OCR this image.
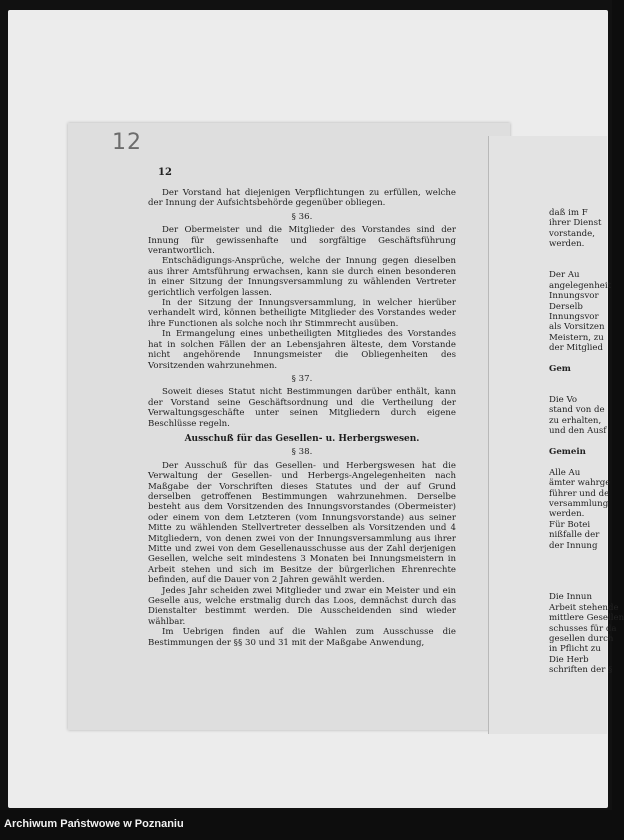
daß im F
ihrer Dienst
vorstande,
werden.
Der Au
angelegenheit
Innungsvor
Derselb
Innungsvor
als Vorsitzen
Meistern, zu
der Mitglied
Gem
Die Vo
stand von de
zu erhalten,
und den Ausf
Gemein
Alle Au
ämter wahrge
führer und de
versammlung
werden.
Für Botei
nißfalle der
der Innung
Die Innun
Arbeit stehende
mittlere Gesellen
schusses für da
gesellen durch
in Pflicht zu
Die Herb
schriften der §
12
12

Der Vorstand hat diejenigen Verpflichtungen zu erfüllen, welche der Innung der Aufsichtsbehörde gegenüber obliegen.

§ 36.

Der Obermeister und die Mitglieder des Vorstandes sind der Innung für gewissenhafte und sorgfältige Geschäftsführung verantwortlich.

Entschädigungs-Ansprüche, welche der Innung gegen dieselben aus ihrer Amtsführung erwachsen, kann sie durch einen besonderen in einer Sitzung der Innungsversammlung zu wählenden Vertreter gerichtlich verfolgen lassen.

In der Sitzung der Innungsversammlung, in welcher hierüber verhandelt wird, können betheiligte Mitglieder des Vorstandes weder ihre Functionen als solche noch ihr Stimmrecht ausüben.

In Ermangelung eines unbetheiligten Mitgliedes des Vorstandes hat in solchen Fällen der an Lebensjahren älteste, dem Vorstande nicht angehörende Innungsmeister die Obliegenheiten des Vorsitzenden wahrzunehmen.

§ 37.

Soweit dieses Statut nicht Bestimmungen darüber enthält, kann der Vorstand seine Geschäftsordnung und die Vertheilung der Verwaltungsgeschäfte unter seinen Mitgliedern durch eigene Beschlüsse regeln.

Ausschuß für das Gesellen- u. Herbergswesen.

§ 38.

Der Ausschuß für das Gesellen- und Herbergswesen hat die Verwaltung der Gesellen- und Herbergs-Angelegenheiten nach Maßgabe der Vorschriften dieses Statutes und der auf Grund derselben getroffenen Bestimmungen wahrzunehmen. Derselbe besteht aus dem Vorsitzenden des Innungsvorstandes (Obermeister) oder einem von dem Letzteren (vom Innungsvorstande) aus seiner Mitte zu wählenden Stellvertreter desselben als Vorsitzenden und 4 Mitgliedern, von denen zwei von der Innungsversammlung aus ihrer Mitte und zwei von dem Gesellenausschusse aus der Zahl derjenigen Gesellen, welche seit mindestens 3 Monaten bei Innungsmeistern in Arbeit stehen und sich im Besitze der bürgerlichen Ehrenrechte befinden, auf die Dauer von 2 Jahren gewählt werden.

Jedes Jahr scheiden zwei Mitglieder und zwar ein Meister und ein Geselle aus, welche erstmalig durch das Loos, demnächst durch das Dienstalter bestimmt werden. Die Ausscheidenden sind wieder wählbar.

Im Uebrigen finden auf die Wahlen zum Ausschusse die Bestimmungen der §§ 30 und 31 mit der Maßgabe Anwendung,

Archiwum Państwowe w Poznaniu
